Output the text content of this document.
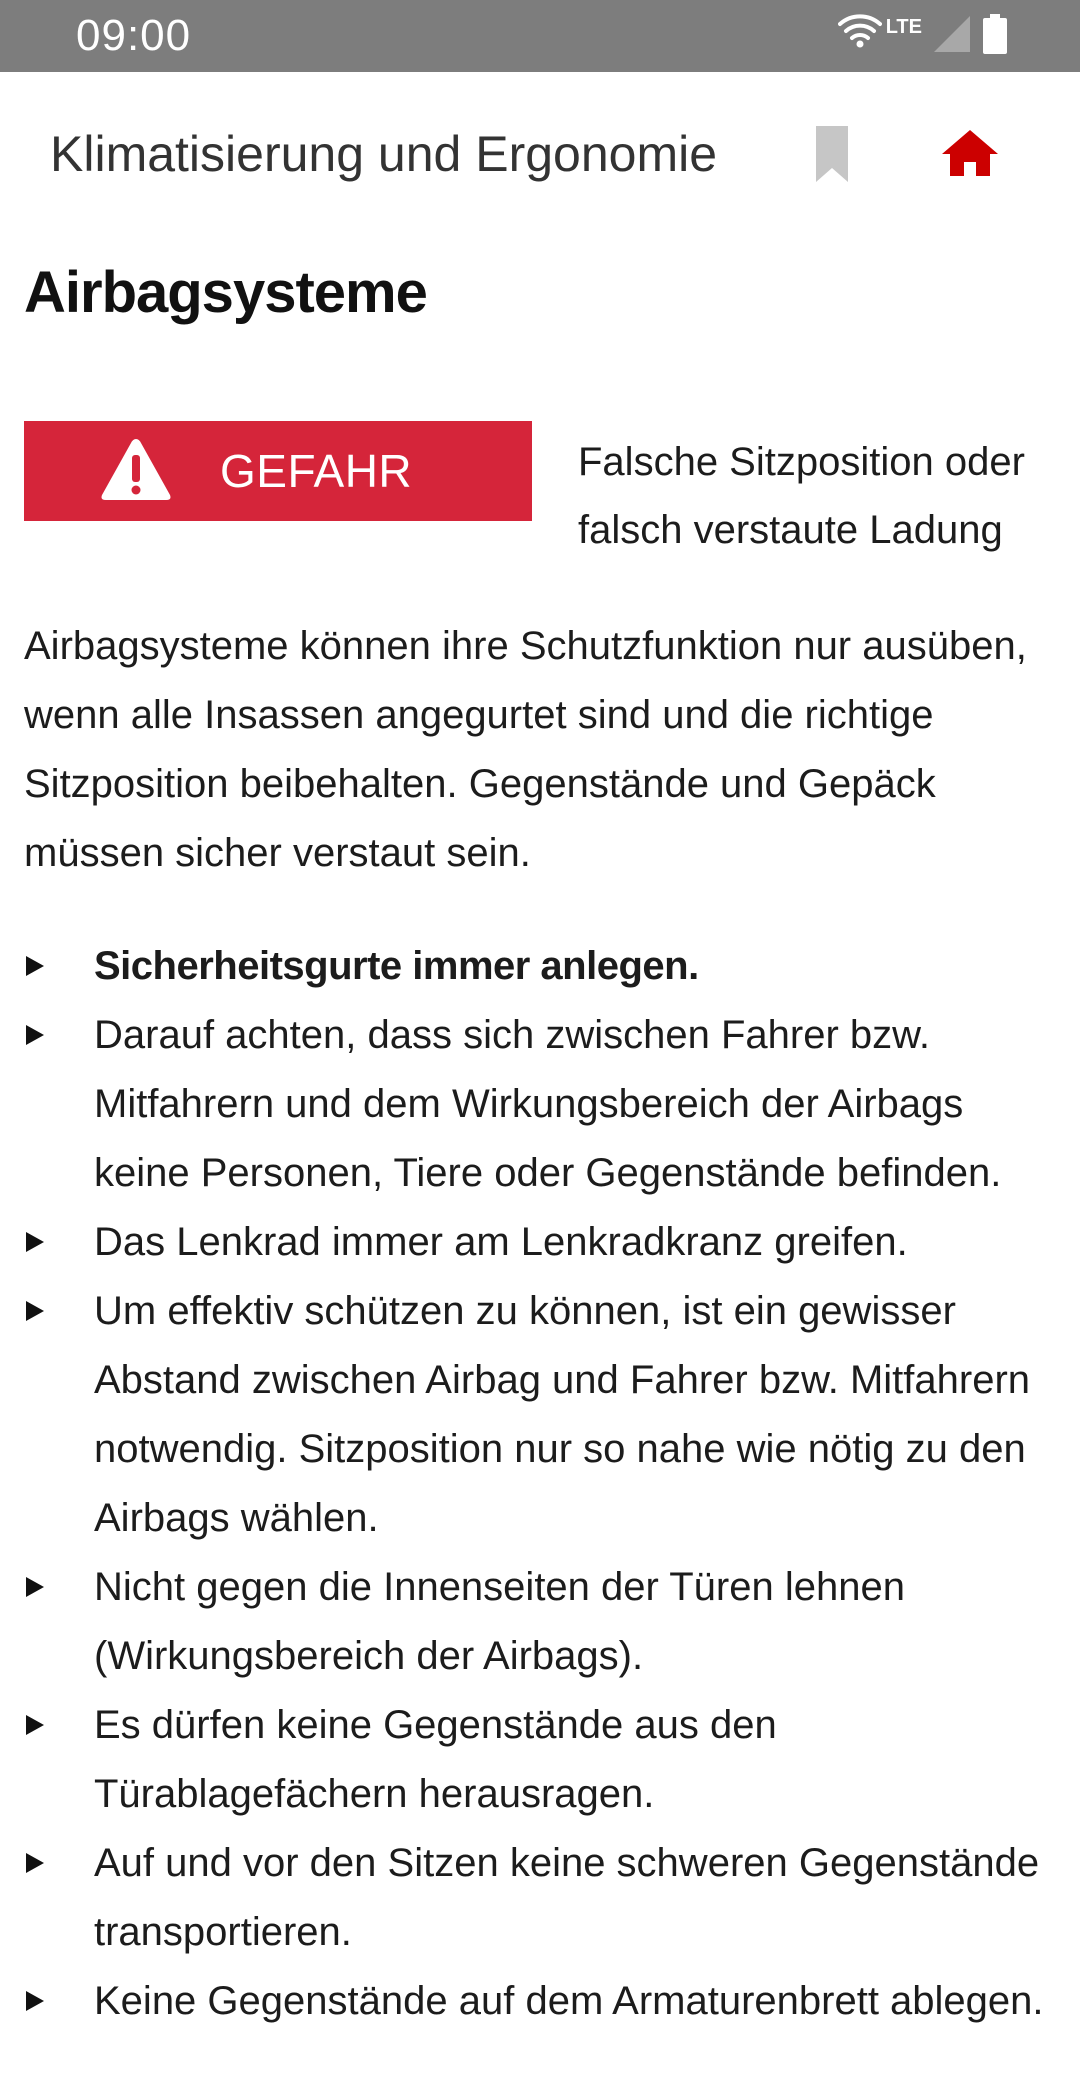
09:00	LTE
Klimatisierung und Ergonomie
Airbagsysteme
GEFAHR	Falsche Sitzposition oder falsch verstaute Ladung
Airbagsysteme können ihre Schutzfunktion nur ausüben, wenn alle Insassen angegurtet sind und die richtige Sitzposition beibehalten. Gegenstände und Gepäck müssen sicher verstaut sein.
Sicherheitsgurte immer anlegen.
Darauf achten, dass sich zwischen Fahrer bzw. Mitfahrern und dem Wirkungsbereich der Airbags keine Personen, Tiere oder Gegenstände befinden.
Das Lenkrad immer am Lenkradkranz greifen.
Um effektiv schützen zu können, ist ein gewisser Abstand zwischen Airbag und Fahrer bzw. Mitfahrern notwendig. Sitzposition nur so nahe wie nötig zu den Airbags wählen.
Nicht gegen die Innenseiten der Türen lehnen (Wirkungsbereich der Airbags).
Es dürfen keine Gegenstände aus den Türablagefächern herausragen.
Auf und vor den Sitzen keine schweren Gegenstände transportieren.
Keine Gegenstände auf dem Armaturenbrett ablegen.
